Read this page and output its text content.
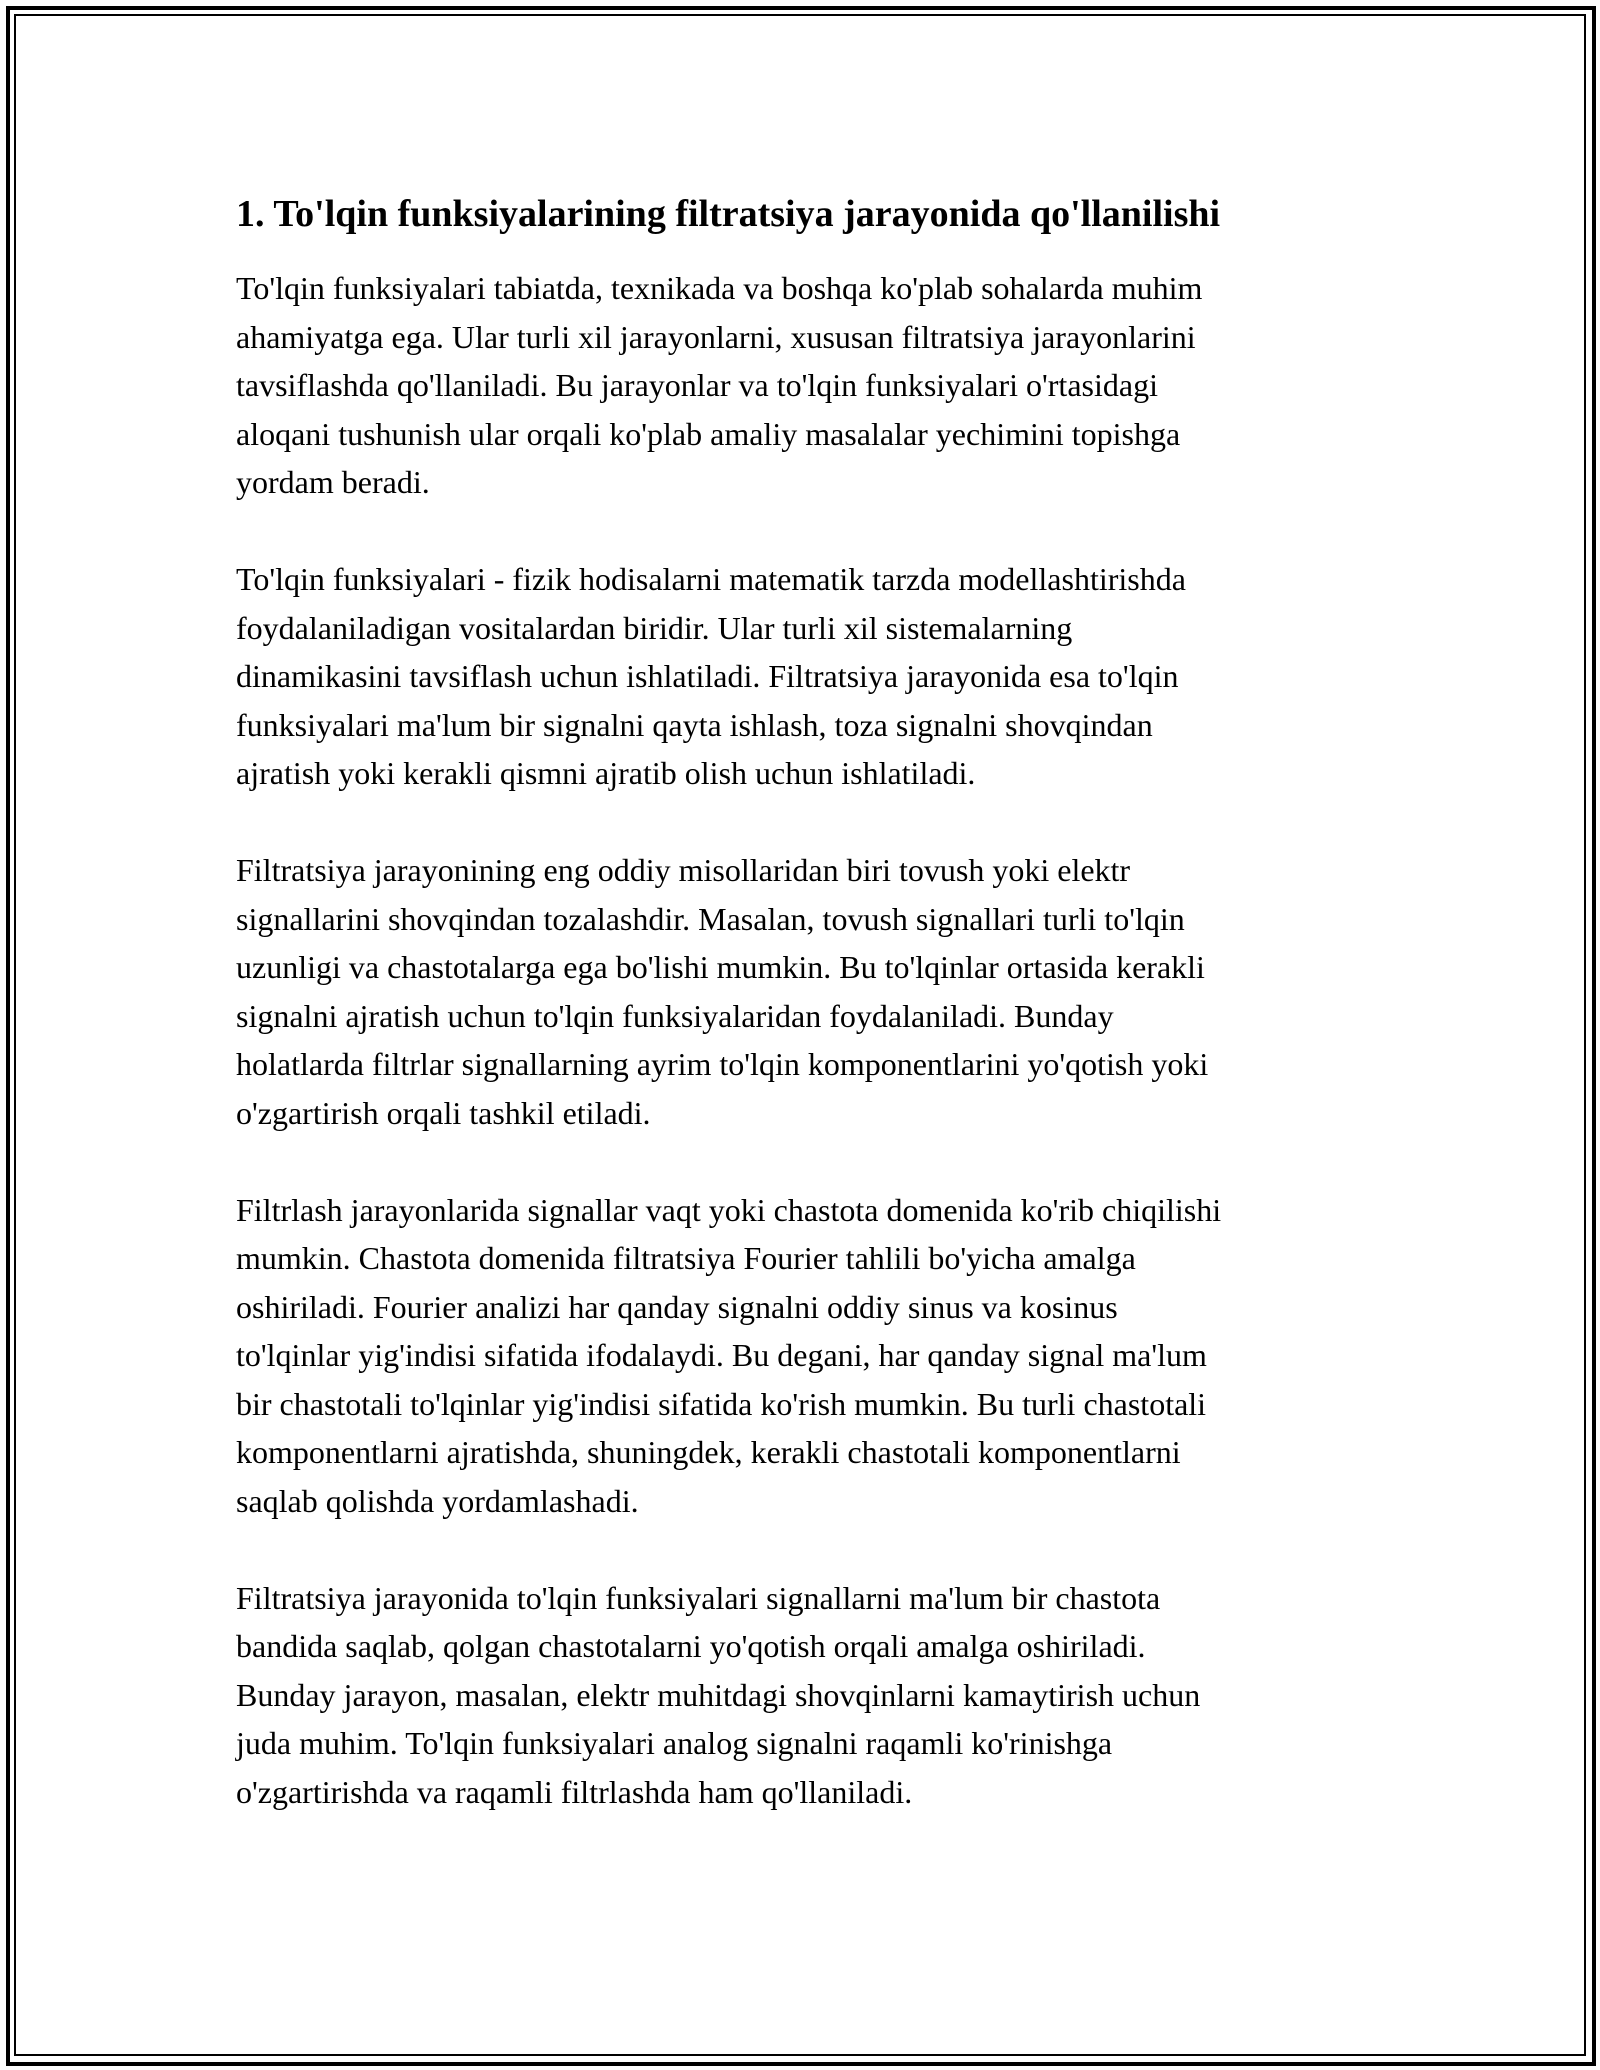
1. To'lqin funksiyalarining filtratsiya jarayonida qo'llanilishi

To'lqin funksiyalari tabiatda, texnikada va boshqa ko'plab sohalarda muhim
ahamiyatga ega. Ular turli xil jarayonlarni, xususan filtratsiya jarayonlarini
tavsiflashda qo'llaniladi. Bu jarayonlar va to'lqin funksiyalari o'rtasidagi
aloqani tushunish ular orqali ko'plab amaliy masalalar yechimini topishga
yordam beradi.

To'lqin funksiyalari - fizik hodisalarni matematik tarzda modellashtirishda
foydalaniladigan vositalardan biridir. Ular turli xil sistemalarning
dinamikasini tavsiflash uchun ishlatiladi. Filtratsiya jarayonida esa to'lqin
funksiyalari ma'lum bir signalni qayta ishlash, toza signalni shovqindan
ajratish yoki kerakli qismni ajratib olish uchun ishlatiladi.

Filtratsiya jarayonining eng oddiy misollaridan biri tovush yoki elektr
signallarini shovqindan tozalashdir. Masalan, tovush signallari turli to'lqin
uzunligi va chastotalarga ega bo'lishi mumkin. Bu to'lqinlar ortasida kerakli
signalni ajratish uchun to'lqin funksiyalaridan foydalaniladi. Bunday
holatlarda filtrlar signallarning ayrim to'lqin komponentlarini yo'qotish yoki
o'zgartirish orqali tashkil etiladi.

Filtrlash jarayonlarida signallar vaqt yoki chastota domenida ko'rib chiqilishi
mumkin. Chastota domenida filtratsiya Fourier tahlili bo'yicha amalga
oshiriladi. Fourier analizi har qanday signalni oddiy sinus va kosinus
to'lqinlar yig'indisi sifatida ifodalaydi. Bu degani, har qanday signal ma'lum
bir chastotali to'lqinlar yig'indisi sifatida ko'rish mumkin. Bu turli chastotali
komponentlarni ajratishda, shuningdek, kerakli chastotali komponentlarni
saqlab qolishda yordamlashadi.

Filtratsiya jarayonida to'lqin funksiyalari signallarni ma'lum bir chastota
bandida saqlab, qolgan chastotalarni yo'qotish orqali amalga oshiriladi.
Bunday jarayon, masalan, elektr muhitdagi shovqinlarni kamaytirish uchun
juda muhim. To'lqin funksiyalari analog signalni raqamli ko'rinishga
o'zgartirishda va raqamli filtrlashda ham qo'llaniladi.
